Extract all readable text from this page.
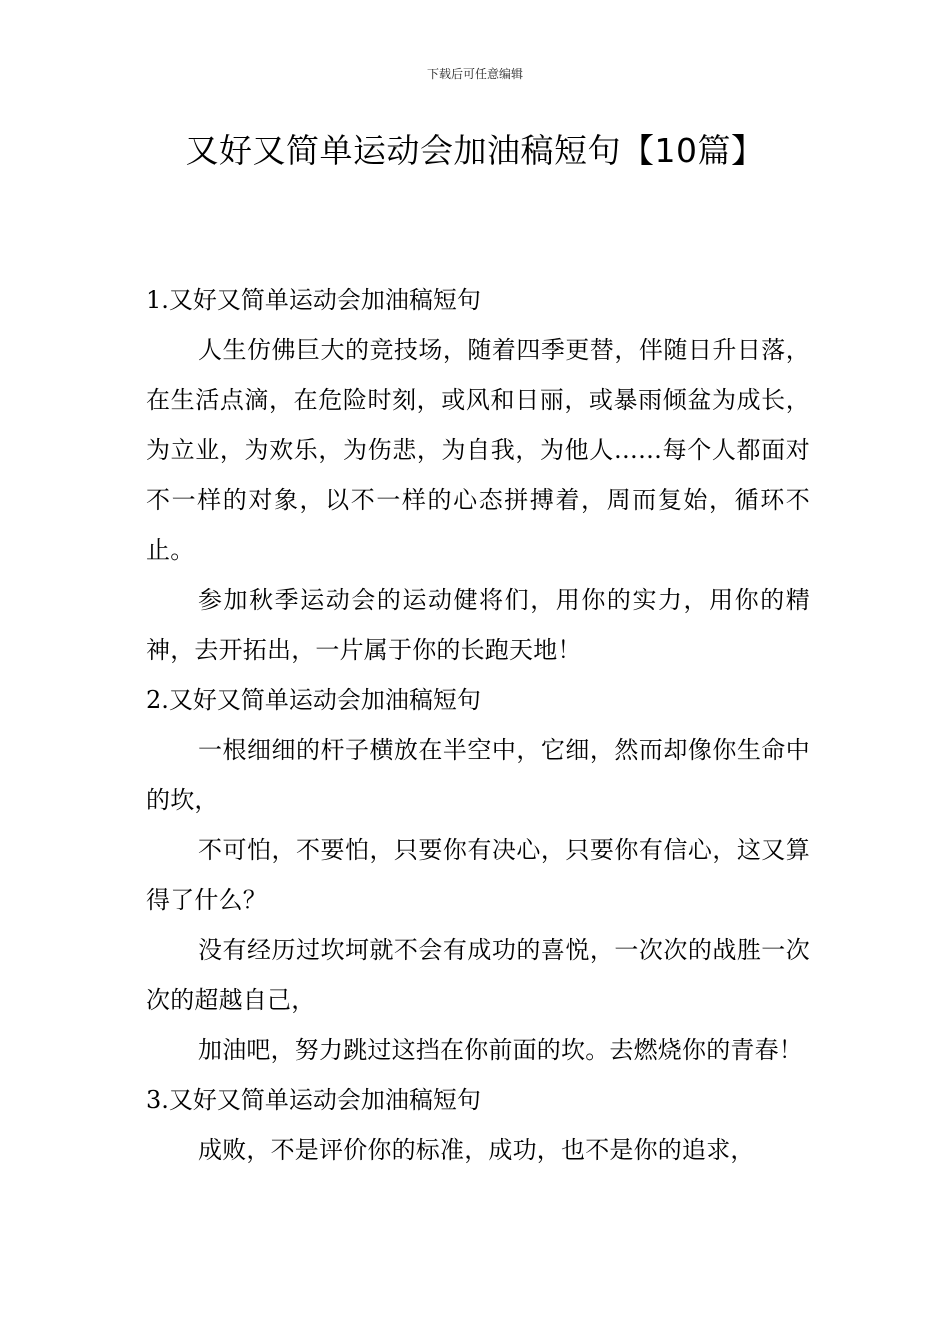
下载后可任意编辑
又好又简单运动会加油稿短句【10篇】

1.又好又简单运动会加油稿短句

人生仿佛巨大的竞技场，随着四季更替，伴随日升日落，在生活点滴，在危险时刻，或风和日丽，或暴雨倾盆为成长，为立业，为欢乐，为伤悲，为自我，为他人……每个人都面对不一样的对象，以不一样的心态拼搏着，周而复始，循环不止。

参加秋季运动会的运动健将们，用你的实力，用你的精神，去开拓出，一片属于你的长跑天地！

2.又好又简单运动会加油稿短句

一根细细的杆子横放在半空中，它细，然而却像你生命中的坎，

不可怕，不要怕，只要你有决心，只要你有信心，这又算得了什么？

没有经历过坎坷就不会有成功的喜悦，一次次的战胜一次次的超越自己，

加油吧，努力跳过这挡在你前面的坎。去燃烧你的青春！

3.又好又简单运动会加油稿短句

成败，不是评价你的标准，成功，也不是你的追求，
